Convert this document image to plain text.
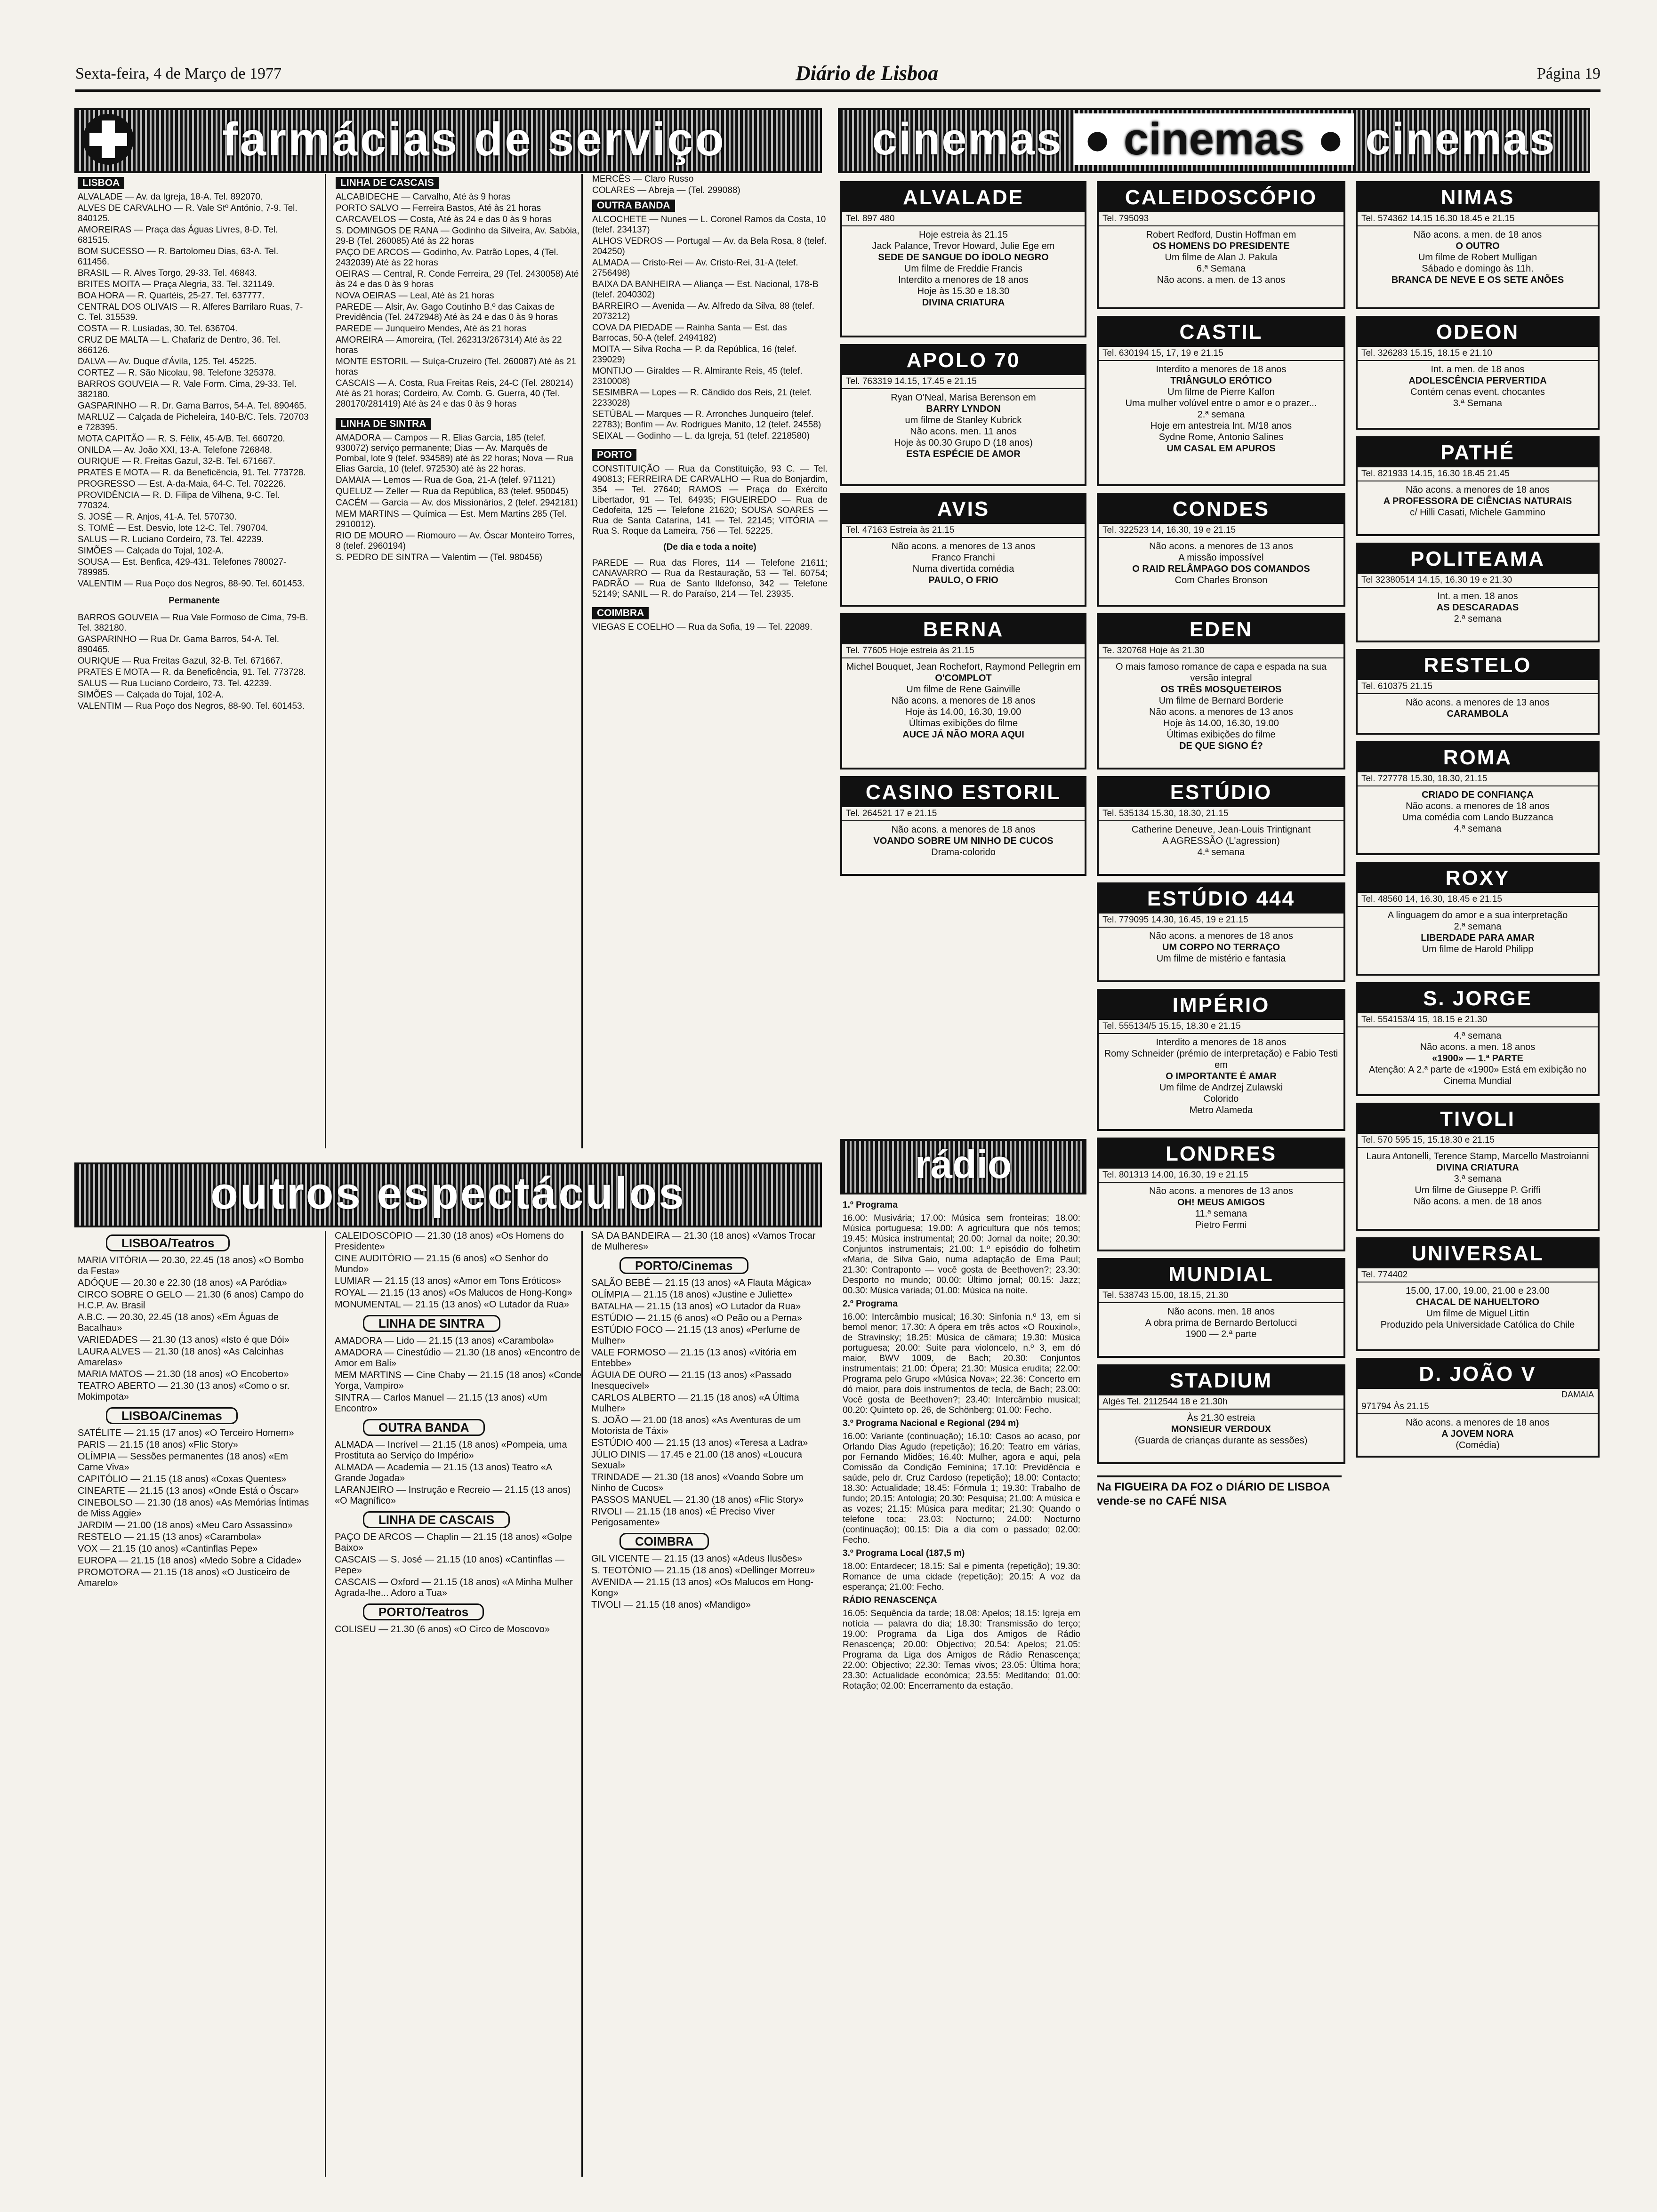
Sexta-feira, 4 de Março de 1977	Diário de Lisboa	Página 19
farmácias de serviço
LISBOA

ALVALADE — Av. da Igreja, 18-A. Tel. 892070.

ALVES DE CARVALHO — R. Vale Stº António, 7-9. Tel. 840125.

AMOREIRAS — Praça das Águas Livres, 8-D. Tel. 681515.

BOM SUCESSO — R. Bartolomeu Dias, 63-A. Tel. 611456.

BRASIL — R. Alves Torgo, 29-33. Tel. 46843.

BRITES MOITA — Praça Alegria, 33. Tel. 321149.

BOA HORA — R. Quartéis, 25-27. Tel. 637777.

CENTRAL DOS OLIVAIS — R. Alferes Barrilaro Ruas, 7-C. Tel. 315539.

COSTA — R. Lusíadas, 30. Tel. 636704.

CRUZ DE MALTA — L. Chafariz de Dentro, 36. Tel. 866126.

DALVA — Av. Duque d'Ávila, 125. Tel. 45225.

CORTEZ — R. São Nicolau, 98. Telefone 325378.

BARROS GOUVEIA — R. Vale Form. Cima, 29-33. Tel. 382180.

GASPARINHO — R. Dr. Gama Barros, 54-A. Tel. 890465.

MARLUZ — Calçada de Picheleira, 140-B/C. Tels. 720703 e 728395.

MOTA CAPITÃO — R. S. Félix, 45-A/B. Tel. 660720.

ONILDA — Av. João XXI, 13-A. Telefone 726848.

OURIQUE — R. Freitas Gazul, 32-B. Tel. 671667.

PRATES E MOTA — R. da Beneficência, 91. Tel. 773728.

PROGRESSO — Est. A-da-Maia, 64-C. Tel. 702226.

PROVIDÊNCIA — R. D. Filipa de Vilhena, 9-C. Tel. 770324.

S. JOSÉ — R. Anjos, 41-A. Tel. 570730.

S. TOMÉ — Est. Desvio, lote 12-C. Tel. 790704.

SALUS — R. Luciano Cordeiro, 73. Tel. 42239.

SIMÕES — Calçada do Tojal, 102-A.

SOUSA — Est. Benfica, 429-431. Telefones 780027-789985.

VALENTIM — Rua Poço dos Negros, 88-90. Tel. 601453.

Permanente

BARROS GOUVEIA — Rua Vale Formoso de Cima, 79-B. Tel. 382180.

GASPARINHO — Rua Dr. Gama Barros, 54-A. Tel. 890465.

OURIQUE — Rua Freitas Gazul, 32-B. Tel. 671667.

PRATES E MOTA — R. da Beneficência, 91. Tel. 773728.

SALUS — Rua Luciano Cordeiro, 73. Tel. 42239.

SIMÕES — Calçada do Tojal, 102-A.

VALENTIM — Rua Poço dos Negros, 88-90. Tel. 601453.

LINHA DE CASCAIS

ALCABIDECHE — Carvalho, Até às 9 horas

PORTO SALVO — Ferreira Bastos, Até às 21 horas

CARCAVELOS — Costa, Até às 24 e das 0 às 9 horas

S. DOMINGOS DE RANA — Godinho da Silveira, Av. Sabóia, 29-B (Tel. 260085) Até às 22 horas

PAÇO DE ARCOS — Godinho, Av. Patrão Lopes, 4 (Tel. 2432039) Até às 22 horas

OEIRAS — Central, R. Conde Ferreira, 29 (Tel. 2430058) Até às 24 e das 0 às 9 horas

NOVA OEIRAS — Leal, Até às 21 horas

PAREDE — Alsir, Av. Gago Coutinho B.º das Caixas de Previdência (Tel. 2472948) Até às 24 e das 0 às 9 horas

PAREDE — Junqueiro Mendes, Até às 21 horas

AMOREIRA — Amoreira, (Tel. 262313/267314) Até às 22 horas

MONTE ESTORIL — Suíça-Cruzeiro (Tel. 260087) Até às 21 horas

CASCAIS — A. Costa, Rua Freitas Reis, 24-C (Tel. 280214) Até às 21 horas; Cordeiro, Av. Comb. G. Guerra, 40 (Tel. 280170/281419) Até às 24 e das 0 às 9 horas

LINHA DE SINTRA

AMADORA — Campos — R. Elias Garcia, 185 (telef. 930072) serviço permanente; Dias — Av. Marquês de Pombal, lote 9 (telef. 934589) até às 22 horas; Nova — Rua Elias Garcia, 10 (telef. 972530) até às 22 horas.

DAMAIA — Lemos — Rua de Goa, 21-A (telef. 971121)

QUELUZ — Zeller — Rua da República, 83 (telef. 950045)

CACÉM — Garcia — Av. dos Missionários, 2 (telef. 2942181)

MEM MARTINS — Química — Est. Mem Martins 285 (Tel. 2910012).

RIO DE MOURO — Riomouro — Av. Óscar Monteiro Torres, 8 (telef. 2960194)

S. PEDRO DE SINTRA — Valentim — (Tel. 980456)

MERCÊS — Claro Russo

COLARES — Abreja — (Tel. 299088)

OUTRA BANDA

ALCOCHETE — Nunes — L. Coronel Ramos da Costa, 10 (telef. 234137)

ALHOS VEDROS — Portugal — Av. da Bela Rosa, 8 (telef. 204250)

ALMADA — Cristo-Rei — Av. Cristo-Rei, 31-A (telef. 2756498)

BAIXA DA BANHEIRA — Aliança — Est. Nacional, 178-B (telef. 2040302)

BARREIRO — Avenida — Av. Alfredo da Silva, 88 (telef. 2073212)

COVA DA PIEDADE — Rainha Santa — Est. das Barrocas, 50-A (telef. 2494182)

MOITA — Silva Rocha — P. da República, 16 (telef. 239029)

MONTIJO — Giraldes — R. Almirante Reis, 45 (telef. 2310008)

SESIMBRA — Lopes — R. Cândido dos Reis, 21 (telef. 2233028)

SETÚBAL — Marques — R. Arronches Junqueiro (telef. 22783); Bonfim — Av. Rodrigues Manito, 12 (telef. 24558)

SEIXAL — Godinho — L. da Igreja, 51 (telef. 2218580)

PORTO

CONSTITUIÇÃO — Rua da Constituição, 93 C. — Tel. 490813; FERREIRA DE CARVALHO — Rua do Bonjardim, 354 — Tel. 27640; RAMOS — Praça do Exército Libertador, 91 — Tel. 64935; FIGUEIREDO — Rua de Cedofeita, 125 — Telefone 21620; SOUSA SOARES — Rua de Santa Catarina, 141 — Tel. 22145; VITÓRIA — Rua S. Roque da Lameira, 756 — Tel. 52225.

(De dia e toda a noite)

PAREDE — Rua das Flores, 114 — Telefone 21611; CANAVARRO — Rua da Restauração, 53 — Tel. 60754; PADRÃO — Rua de Santo Ildefonso, 342 — Telefone 52149; SANIL — R. do Paraíso, 214 — Tel. 23935.

COIMBRA

VIEGAS E COELHO — Rua da Sofia, 19 — Tel. 22089.

outros espectáculos
LISBOA/Teatros

MARIA VITÓRIA — 20.30, 22.45 (18 anos) «O Bombo da Festa»

ADÓQUE — 20.30 e 22.30 (18 anos) «A Paródia»

CIRCO SOBRE O GELO — 21.30 (6 anos) Campo do H.C.P. Av. Brasil

A.B.C. — 20.30, 22.45 (18 anos) «Em Águas de Bacalhau»

VARIEDADES — 21.30 (13 anos) «Isto é que Dói»

LAURA ALVES — 21.30 (18 anos) «As Calcinhas Amarelas»

MARIA MATOS — 21.30 (18 anos) «O Encoberto»

TEATRO ABERTO — 21.30 (13 anos) «Como o sr. Mokimpota»

LISBOA/Cinemas

SATÉLITE — 21.15 (17 anos) «O Terceiro Homem»

PARIS — 21.15 (18 anos) «Flic Story»

OLÍMPIA — Sessões permanentes (18 anos) «Em Carne Viva»

CAPITÓLIO — 21.15 (18 anos) «Coxas Quentes»

CINEARTE — 21.15 (13 anos) «Onde Está o Óscar»

CINEBOLSO — 21.30 (18 anos) «As Memórias Íntimas de Miss Aggie»

JARDIM — 21.00 (18 anos) «Meu Caro Assassino»

RESTELO — 21.15 (13 anos) «Carambola»

VOX — 21.15 (10 anos) «Cantinflas Pepe»

EUROPA — 21.15 (18 anos) «Medo Sobre a Cidade»

PROMOTORA — 21.15 (18 anos) «O Justiceiro de Amarelo»

CALEIDOSCÓPIO — 21.30 (18 anos) «Os Homens do Presidente»

CINE AUDITÓRIO — 21.15 (6 anos) «O Senhor do Mundo»

LUMIAR — 21.15 (13 anos) «Amor em Tons Eróticos»

ROYAL — 21.15 (13 anos) «Os Malucos de Hong-Kong»

MONUMENTAL — 21.15 (13 anos) «O Lutador da Rua»

LINHA DE SINTRA

AMADORA — Lido — 21.15 (13 anos) «Carambola»

AMADORA — Cinestúdio — 21.30 (18 anos) «Encontro de Amor em Bali»

MEM MARTINS — Cine Chaby — 21.15 (18 anos) «Conde Yorga, Vampiro»

SINTRA — Carlos Manuel — 21.15 (13 anos) «Um Encontro»

OUTRA BANDA

ALMADA — Incrível — 21.15 (18 anos) «Pompeia, uma Prostituta ao Serviço do Império»

ALMADA — Academia — 21.15 (13 anos) Teatro «A Grande Jogada»

LARANJEIRO — Instrução e Recreio — 21.15 (13 anos) «O Magnífico»

LINHA DE CASCAIS

PAÇO DE ARCOS — Chaplin — 21.15 (18 anos) «Golpe Baixo»

CASCAIS — S. José — 21.15 (10 anos) «Cantinflas — Pepe»

CASCAIS — Oxford — 21.15 (18 anos) «A Minha Mulher Agrada-lhe... Adoro a Tua»

PORTO/Teatros

COLISEU — 21.30 (6 anos) «O Circo de Moscovo»

SÁ DA BANDEIRA — 21.30 (18 anos) «Vamos Trocar de Mulheres»

PORTO/Cinemas

SALÃO BEBÉ — 21.15 (13 anos) «A Flauta Mágica»

OLÍMPIA — 21.15 (18 anos) «Justine e Juliette»

BATALHA — 21.15 (13 anos) «O Lutador da Rua»

ESTÚDIO — 21.15 (6 anos) «O Peão ou a Perna»

ESTÚDIO FOCO — 21.15 (13 anos) «Perfume de Mulher»

VALE FORMOSO — 21.15 (13 anos) «Vitória em Entebbe»

ÁGUIA DE OURO — 21.15 (13 anos) «Passado Inesquecível»

CARLOS ALBERTO — 21.15 (18 anos) «A Última Mulher»

S. JOÃO — 21.00 (18 anos) «As Aventuras de um Motorista de Táxi»

ESTÚDIO 400 — 21.15 (13 anos) «Teresa a Ladra»

JÚLIO DINIS — 17.45 e 21.00 (18 anos) «Loucura Sexual»

TRINDADE — 21.30 (18 anos) «Voando Sobre um Ninho de Cucos»

PASSOS MANUEL — 21.30 (18 anos) «Flic Story»

RIVOLI — 21.15 (18 anos) «É Preciso Viver Perigosamente»

COIMBRA

GIL VICENTE — 21.15 (13 anos) «Adeus Ilusões»

S. TEOTÓNIO — 21.15 (18 anos) «Dellinger Morreu»

AVENIDA — 21.15 (13 anos) «Os Malucos em Hong-Kong»

TIVOLI — 21.15 (18 anos) «Mandigo»

cinemas ● cinemas ● cinemas
ALVALADE
Tel. 897 480
Hoje estreia às 21.15
Jack Palance, Trevor Howard, Julie Ege em
SEDE DE SANGUE DO ÍDOLO NEGRO
Um filme de Freddie Francis
Interdito a menores de 18 anos
Hoje às 15.30 e 18.30
DIVINA CRIATURA
APOLO 70
Tel. 763319 14.15, 17.45 e 21.15
Ryan O'Neal, Marisa Berenson em
BARRY LYNDON
um filme de Stanley Kubrick
Não acons. men. 11 anos
Hoje às 00.30 Grupo D (18 anos)
ESTA ESPÉCIE DE AMOR
AVIS
Tel. 47163 Estreia às 21.15
Não acons. a menores de 13 anos
Franco Franchi
Numa divertida comédia
PAULO, O FRIO
BERNA
Tel. 77605 Hoje estreia às 21.15
Michel Bouquet, Jean Rochefort, Raymond Pellegrin em
O'COMPLOT
Um filme de Rene Gainville
Não acons. a menores de 18 anos
Hoje às 14.00, 16.30, 19.00
Últimas exibições do filme
AUCE JÁ NÃO MORA AQUI
CASINO ESTORIL
Tel. 264521 17 e 21.15
Não acons. a menores de 18 anos
VOANDO SOBRE UM NINHO DE CUCOS
Drama-colorido
CALEIDOSCÓPIO
Tel. 795093
Robert Redford, Dustin Hoffman em
OS HOMENS DO PRESIDENTE
Um filme de Alan J. Pakula
6.ª Semana
Não acons. a men. de 13 anos
CASTIL
Tel. 630194 15, 17, 19 e 21.15
Interdito a menores de 18 anos
TRIÂNGULO ERÓTICO
Um filme de Pierre Kalfon
Uma mulher volúvel entre o amor e o prazer...
2.ª semana
Hoje em antestreia Int. M/18 anos
Sydne Rome, Antonio Salines
UM CASAL EM APUROS
CONDES
Tel. 322523 14, 16.30, 19 e 21.15
Não acons. a menores de 13 anos
A missão impossível
O RAID RELÂMPAGO DOS COMANDOS
Com Charles Bronson
EDEN
Te. 320768 Hoje às 21.30
O mais famoso romance de capa e espada na sua versão integral
OS TRÊS MOSQUETEIROS
Um filme de Bernard Borderie
Não acons. a menores de 13 anos
Hoje às 14.00, 16.30, 19.00
Últimas exibições do filme
DE QUE SIGNO É?
ESTÚDIO
Tel. 535134 15.30, 18.30, 21.15
Catherine Deneuve, Jean-Louis Trintignant
A AGRESSÃO (L'agression)
4.ª semana
ESTÚDIO 444
Tel. 779095 14.30, 16.45, 19 e 21.15
Não acons. a menores de 18 anos
UM CORPO NO TERRAÇO
Um filme de mistério e fantasia
IMPÉRIO
Tel. 555134/5 15.15, 18.30 e 21.15
Interdito a menores de 18 anos
Romy Schneider (prémio de interpretação) e Fabio Testi em
O IMPORTANTE É AMAR
Um filme de Andrzej Zulawski
Colorido
Metro Alameda
LONDRES
Tel. 801313 14.00, 16.30, 19 e 21.15
Não acons. a menores de 13 anos
OH! MEUS AMIGOS
11.ª semana
Pietro Fermi
MUNDIAL
Tel. 538743 15.00, 18.15, 21.30
Não acons. men. 18 anos
A obra prima de Bernardo Bertolucci
1900 — 2.ª parte
STADIUM
Algés Tel. 2112544 18 e 21.30h
Às 21.30 estreia
MONSIEUR VERDOUX
(Guarda de crianças durante as sessões)
Na FIGUEIRA DA FOZ o DIÁRIO DE LISBOA vende-se no CAFÉ NISA
NIMAS
Tel. 574362 14.15 16.30 18.45 e 21.15
Não acons. a men. de 18 anos
O OUTRO
Um filme de Robert Mulligan
Sábado e domingo às 11h.
BRANCA DE NEVE E OS SETE ANÕES
ODEON
Tel. 326283 15.15, 18.15 e 21.10
Int. a men. de 18 anos
ADOLESCÊNCIA PERVERTIDA
Contém cenas event. chocantes
3.ª Semana
PATHÉ
Tel. 821933 14.15, 16.30 18.45 21.45
Não acons. a menores de 18 anos
A PROFESSORA DE CIÊNCIAS NATURAIS
c/ Hilli Casati, Michele Gammino
POLITEAMA
Tel 32380514 14.15, 16.30 19 e 21.30
Int. a men. 18 anos
AS DESCARADAS
2.ª semana
RESTELO
Tel. 610375 21.15
Não acons. a menores de 13 anos
CARAMBOLA
ROMA
Tel. 727778 15.30, 18.30, 21.15
CRIADO DE CONFIANÇA
Não acons. a menores de 18 anos
Uma comédia com Lando Buzzanca
4.ª semana
ROXY
Tel. 48560 14, 16.30, 18.45 e 21.15
A linguagem do amor e a sua interpretação
2.ª semana
LIBERDADE PARA AMAR
Um filme de Harold Philipp
S. JORGE
Tel. 554153/4 15, 18.15 e 21.30
4.ª semana
Não acons. a men. 18 anos
«1900» — 1.ª PARTE
Atenção: A 2.ª parte de «1900» Está em exibição no Cinema Mundial
TIVOLI
Tel. 570 595 15, 15.18.30 e 21.15
Laura Antonelli, Terence Stamp, Marcello Mastroianni
DIVINA CRIATURA
3.ª semana
Um filme de Giuseppe P. Griffi
Não acons. a men. de 18 anos
UNIVERSAL
Tel. 774402
15.00, 17.00, 19.00, 21.00 e 23.00
CHACAL DE NAHUELTORO
Um filme de Miguel Littin
Produzido pela Universidade Católica do Chile
D. JOÃO V
DAMAIA
971794 Às 21.15
Não acons. a menores de 18 anos
A JOVEM NORA
(Comédia)
rádio

1.º Programa

16.00: Musivária; 17.00: Música sem fronteiras; 18.00: Música portuguesa; 19.00: A agricultura que nós temos; 19.45: Música instrumental; 20.00: Jornal da noite; 20.30: Conjuntos instrumentais; 21.00: 1.º episódio do folhetim «Maria, de Silva Gaio, numa adaptação de Ema Paul; 21.30: Contraponto — você gosta de Beethoven?; 23.30: Desporto no mundo; 00.00: Último jornal; 00.15: Jazz; 00.30: Música variada; 01.00: Música na noite.

2.º Programa

16.00: Intercâmbio musical; 16.30: Sinfonia n.º 13, em si bemol menor; 17.30: A ópera em três actos «O Rouxinol», de Stravinsky; 18.25: Música de câmara; 19.30: Música portuguesa; 20.00: Suite para violoncelo, n.º 3, em dó maior, BWV 1009, de Bach; 20.30: Conjuntos instrumentais; 21.00: Ópera; 21.30: Música erudita; 22.00: Programa pelo Grupo «Música Nova»; 22.36: Concerto em dó maior, para dois instrumentos de tecla, de Bach; 23.00: Você gosta de Beethoven?; 23.40: Intercâmbio musical; 00.20: Quinteto op. 26, de Schönberg; 01.00: Fecho.

3.º Programa Nacional e Regional (294 m)

16.00: Variante (continuação); 16.10: Casos ao acaso, por Orlando Dias Agudo (repetição); 16.20: Teatro em várias, por Fernando Midões; 16.40: Mulher, agora e aqui, pela Comissão da Condição Feminina; 17.10: Previdência e saúde, pelo dr. Cruz Cardoso (repetição); 18.00: Contacto; 18.30: Actualidade; 18.45: Fórmula 1; 19.30: Trabalho de fundo; 20.15: Antologia; 20.30: Pesquisa; 21.00: A música e as vozes; 21.15: Música para meditar; 21.30: Quando o telefone toca; 23.03: Nocturno; 24.00: Nocturno (continuação); 00.15: Dia a dia com o passado; 02.00: Fecho.

3.º Programa Local (187,5 m)

18.00: Entardecer; 18.15: Sal e pimenta (repetição); 19.30: Romance de uma cidade (repetição); 20.15: A voz da esperança; 21.00: Fecho.

RÁDIO RENASCENÇA

16.05: Sequência da tarde; 18.08: Apelos; 18.15: Igreja em notícia — palavra do dia; 18.30: Transmissão do terço; 19.00: Programa da Liga dos Amigos de Rádio Renascença; 20.00: Objectivo; 20.54: Apelos; 21.05: Programa da Liga dos Amigos de Rádio Renascença; 22.00: Objectivo; 22.30: Temas vivos; 23.05: Última hora; 23.30: Actualidade económica; 23.55: Meditando; 01.00: Rotação; 02.00: Encerramento da estação.
